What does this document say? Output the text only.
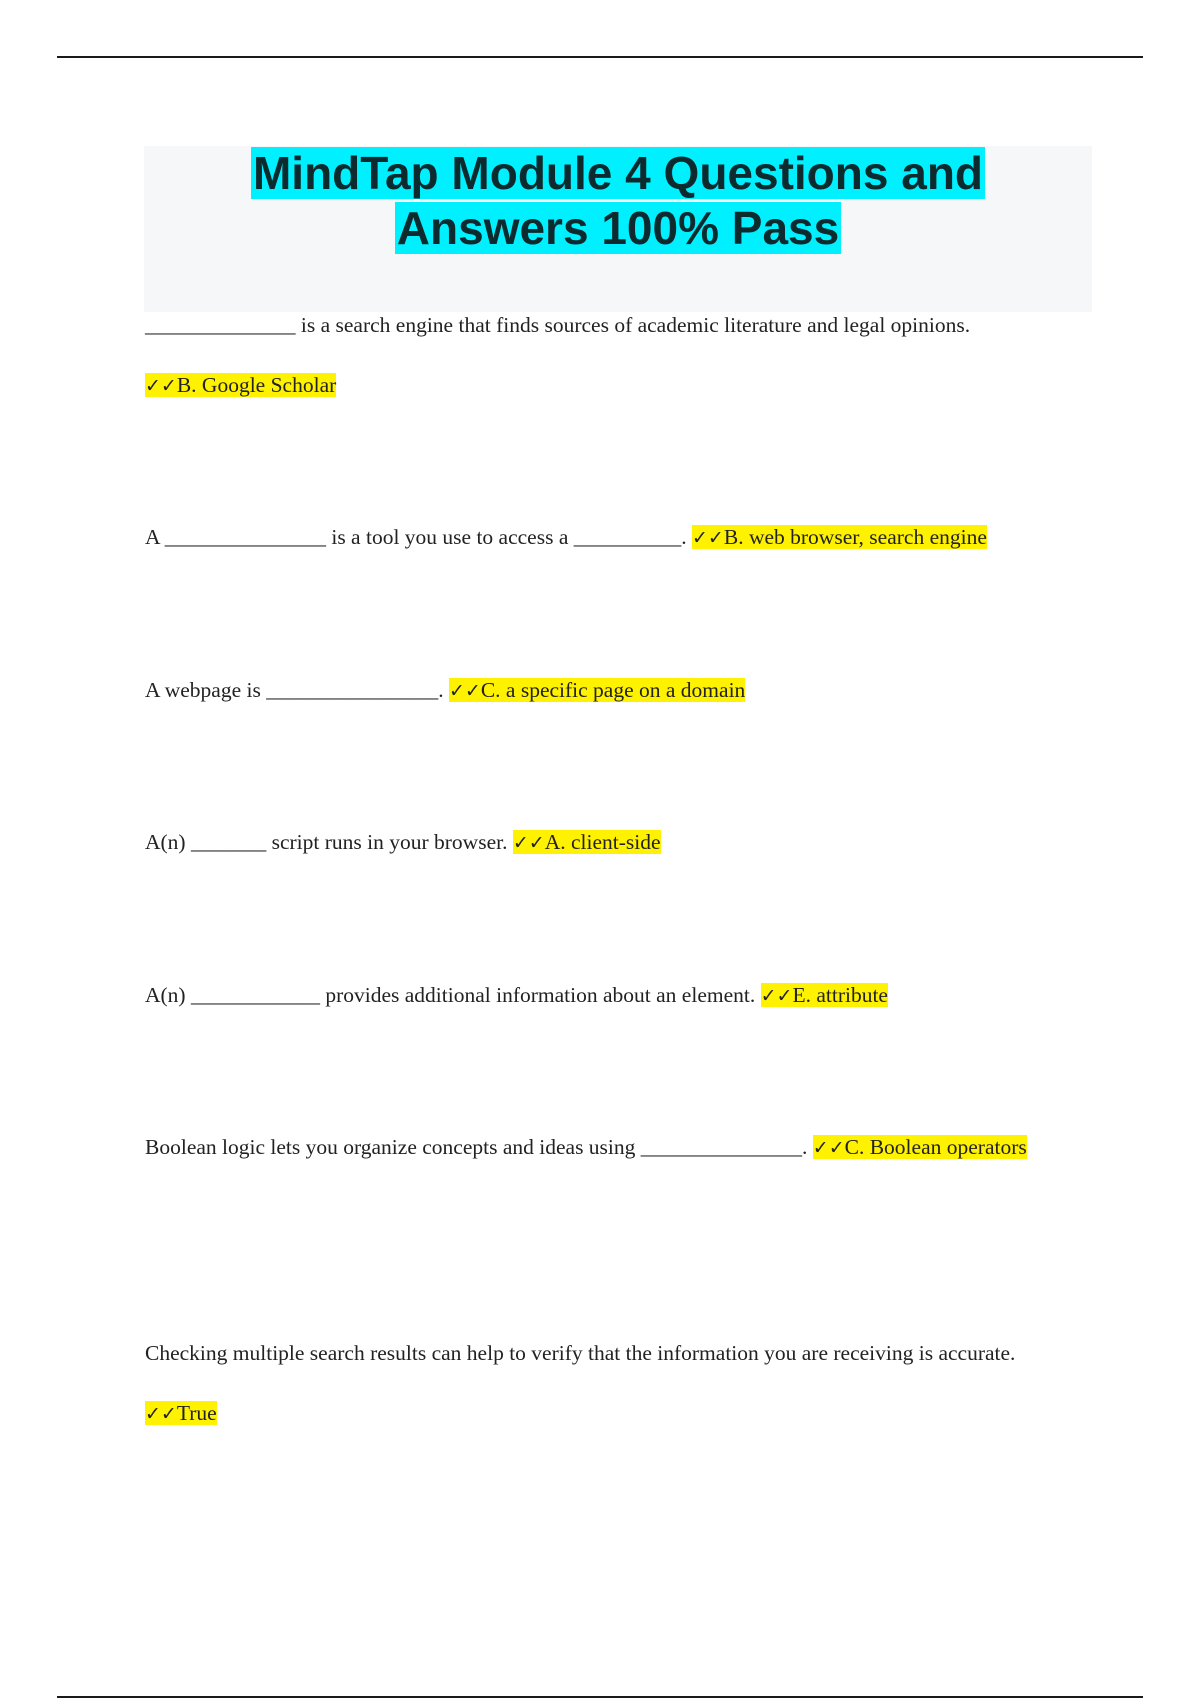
MindTap Module 4 Questions and
Answers 100% Pass
______________ is a search engine that finds sources of academic literature and legal opinions.
✓✓B. Google Scholar
A _______________ is a tool you use to access a __________. ✓✓B. web browser, search engine
A webpage is ________________. ✓✓C. a specific page on a domain
A(n) _______ script runs in your browser. ✓✓A. client-side
A(n) ____________ provides additional information about an element. ✓✓E. attribute
Boolean logic lets you organize concepts and ideas using _______________. ✓✓C. Boolean operators
Checking multiple search results can help to verify that the information you are receiving is accurate. ✓✓True
